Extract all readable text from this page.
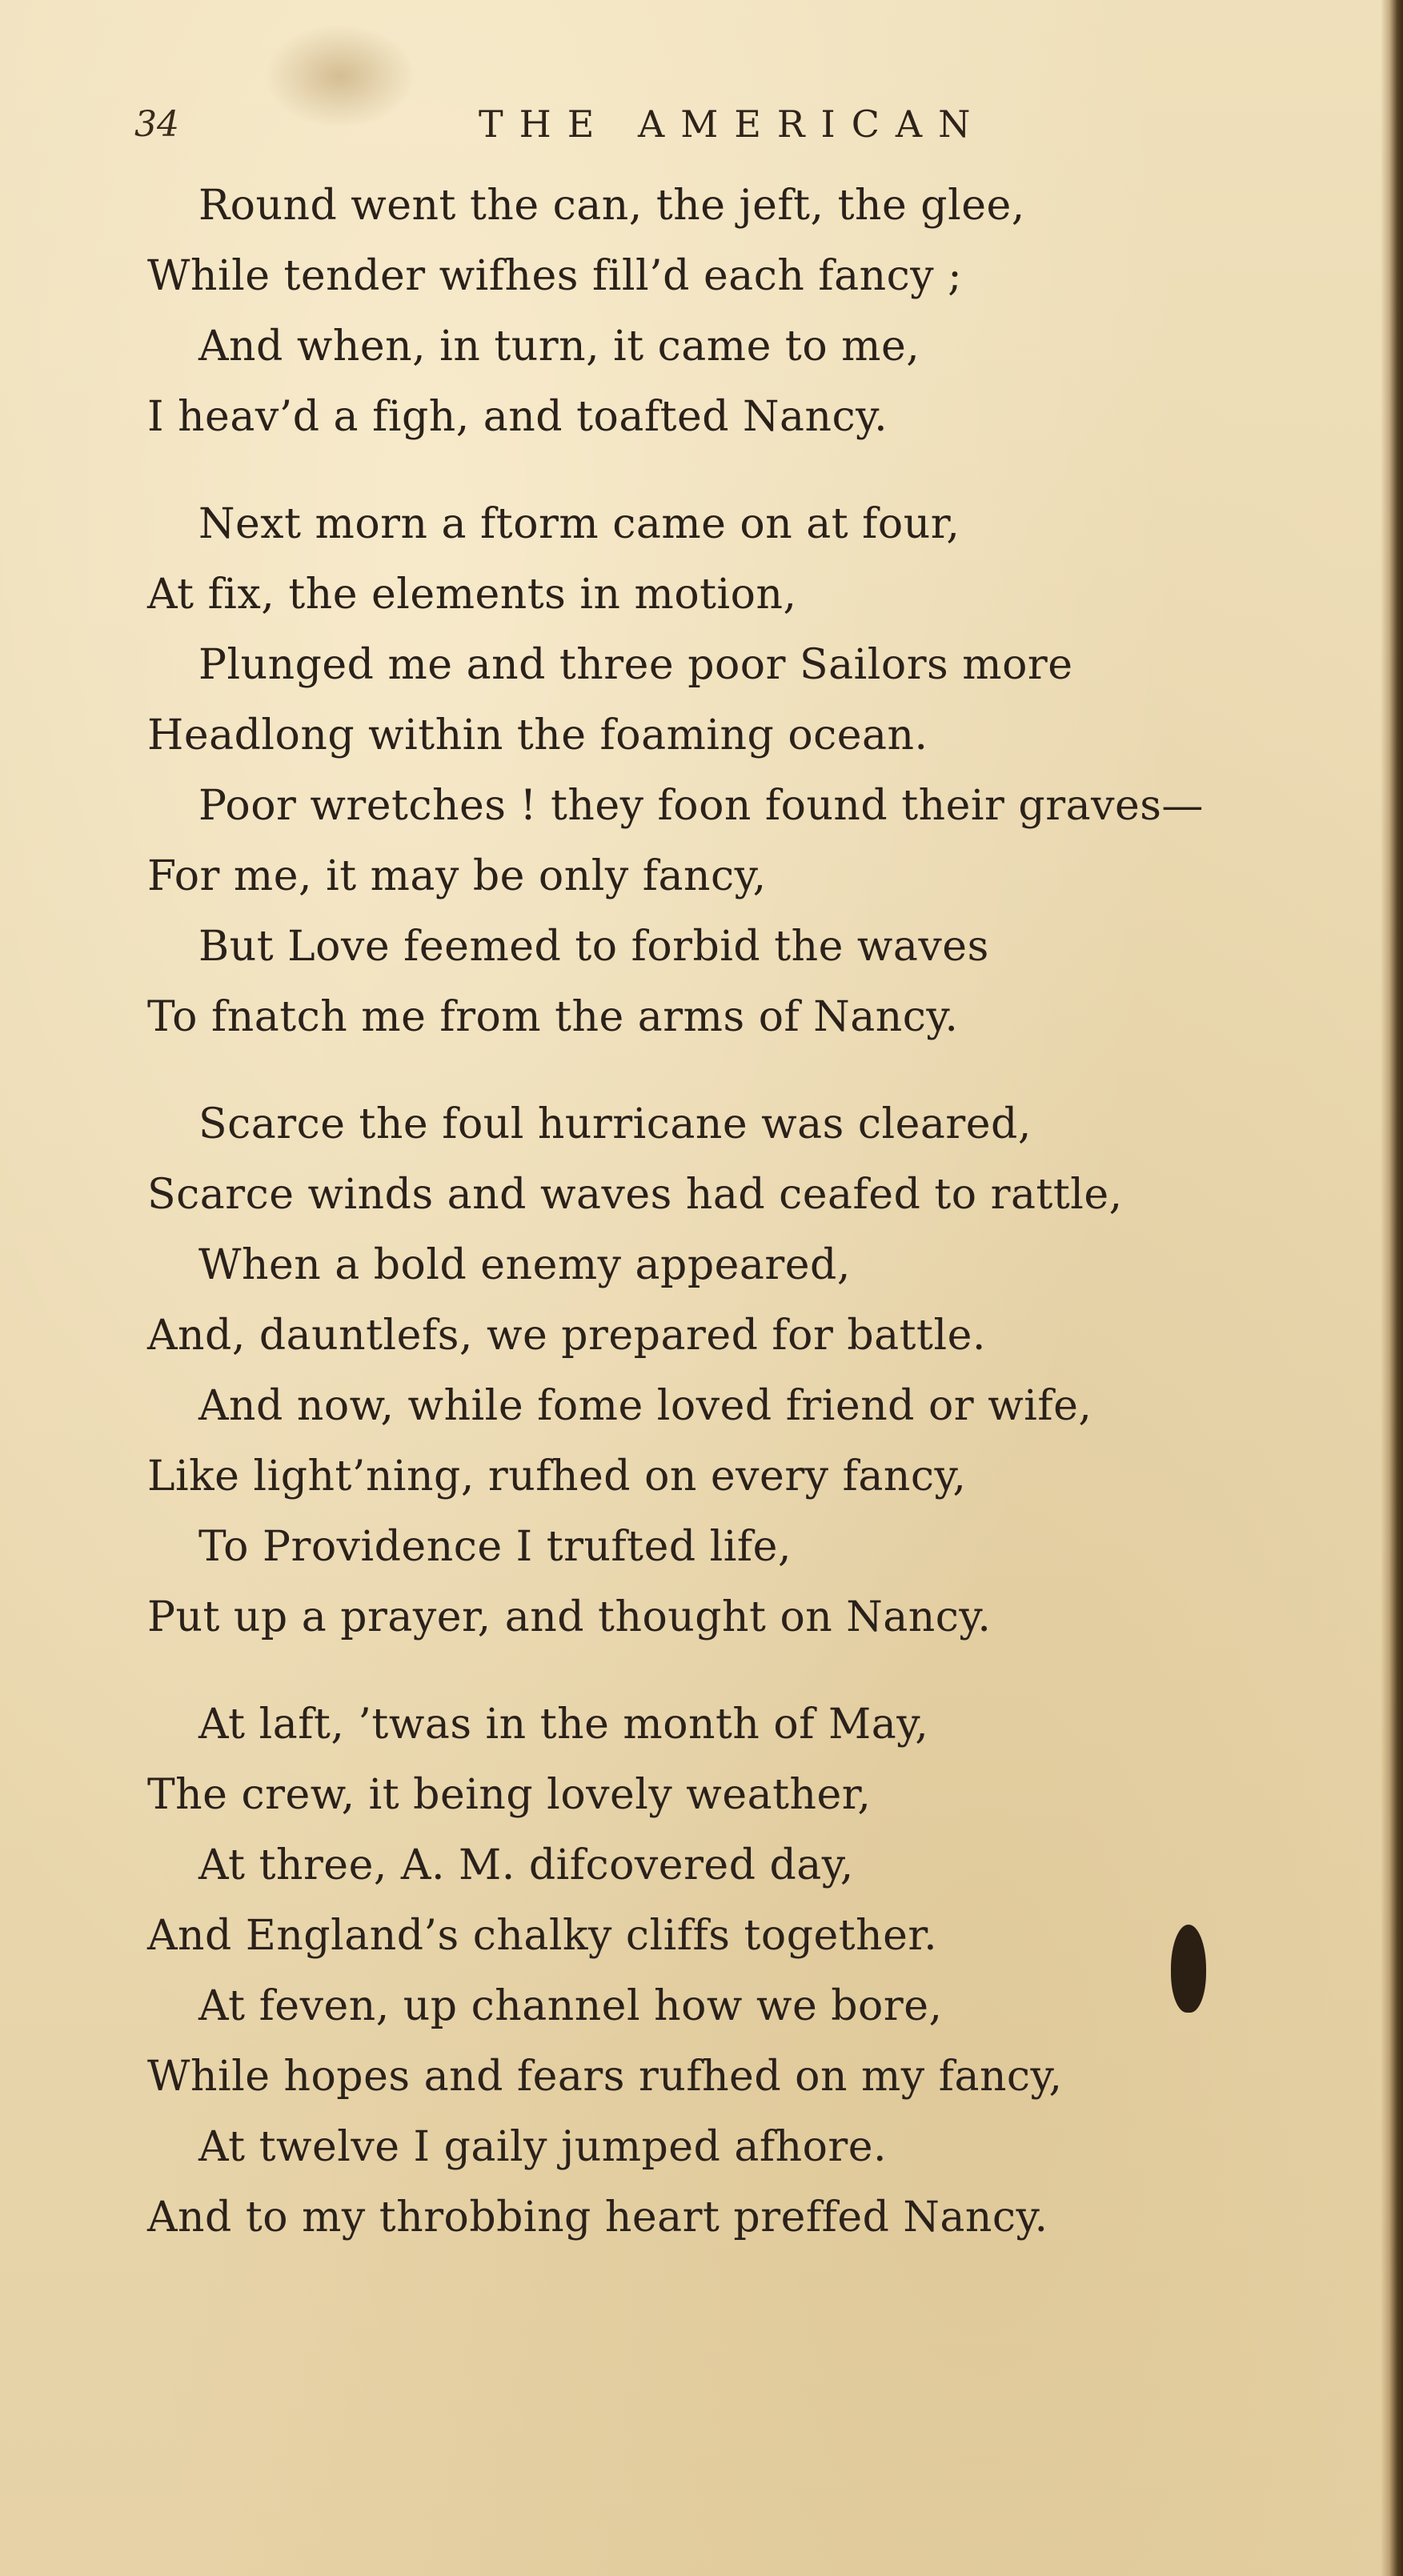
34	THE AMERICAN
Round went the can, the jeft, the glee,
While tender wifhes fill’d each fancy ;
And when, in turn, it came to me,
I heav’d a figh, and toafted Nancy.
Next morn a ftorm came on at four,
At fix, the elements in motion,
Plunged me and three poor Sailors more
Headlong within the foaming ocean.
Poor wretches ! they foon found their graves—
For me, it may be only fancy,
But Love feemed to forbid the waves
To fnatch me from the arms of Nancy.
Scarce the foul hurricane was cleared,
Scarce winds and waves had ceafed to rattle,
When a bold enemy appeared,
And, dauntlefs, we prepared for battle.
And now, while fome loved friend or wife,
Like light’ning, rufhed on every fancy,
To Providence I trufted life,
Put up a prayer, and thought on Nancy.
At laft, ’twas in the month of May,
The crew, it being lovely weather,
At three, A. M. difcovered day,
And England’s chalky cliffs together.
At feven, up channel how we bore,
While hopes and fears rufhed on my fancy,
At twelve I gaily jumped afhore.
And to my throbbing heart preffed Nancy.
